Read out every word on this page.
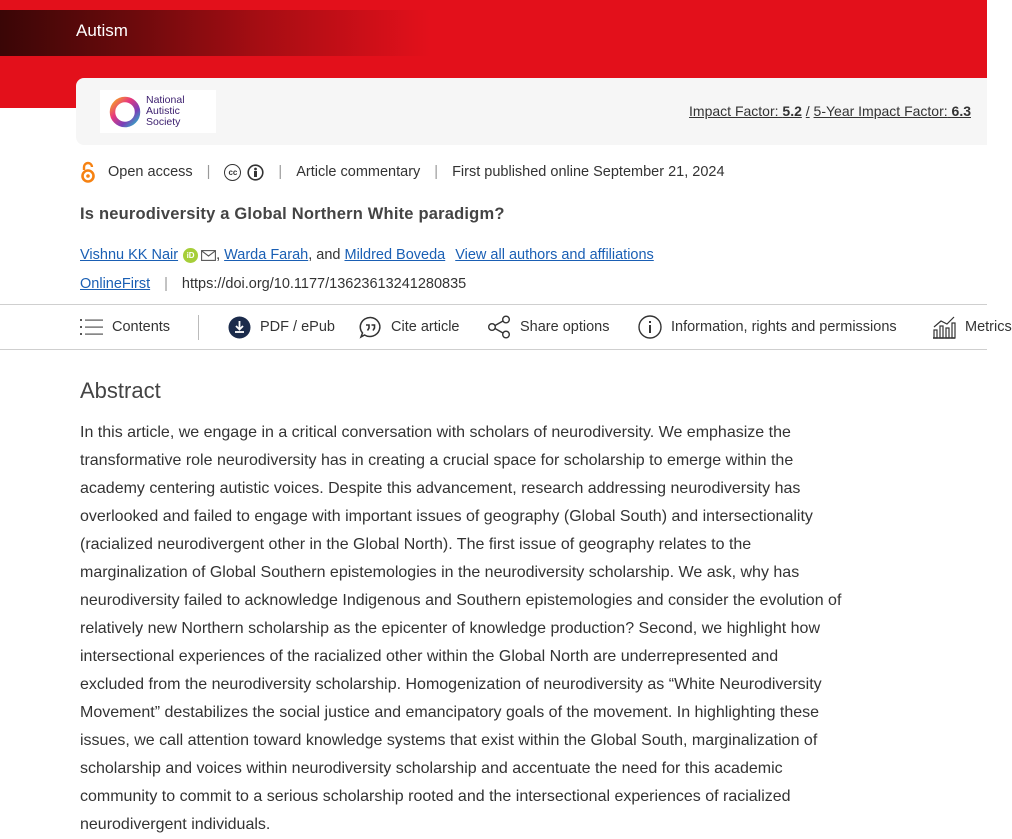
Autism
National
Autistic
Society
Impact Factor: 5.2 / 5-Year Impact Factor: 6.3
Open access |	cc	| Article commentary | First published online September 21, 2024
Is neurodiversity a Global Northern White paradigm?
Vishnu KK Nair	iD ,
Warda Farah , and
Mildred Boveda View all authors and affiliations
OnlineFirst | https://doi.org/10.1177/13623613241280835
Contents	PDF / ePub	Cite article	Share options	Information, rights and permissions	Metrics
Abstract

In this article, we engage in a critical conversation with scholars of neurodiversity. We emphasize the

transformative role neurodiversity has in creating a crucial space for scholarship to emerge within the

academy centering autistic voices. Despite this advancement, research addressing neurodiversity has

overlooked and failed to engage with important issues of geography (Global South) and intersectionality

(racialized neurodivergent other in the Global North). The first issue of geography relates to the

marginalization of Global Southern epistemologies in the neurodiversity scholarship. We ask, why has

neurodiversity failed to acknowledge Indigenous and Southern epistemologies and consider the evolution of

relatively new Northern scholarship as the epicenter of knowledge production? Second, we highlight how

intersectional experiences of the racialized other within the Global North are underrepresented and

excluded from the neurodiversity scholarship. Homogenization of neurodiversity as “White Neurodiversity

Movement” destabilizes the social justice and emancipatory goals of the movement. In highlighting these

issues, we call attention toward knowledge systems that exist within the Global South, marginalization of

scholarship and voices within neurodiversity scholarship and accentuate the need for this academic

community to commit to a serious scholarship rooted and the intersectional experiences of racialized

neurodivergent individuals.
